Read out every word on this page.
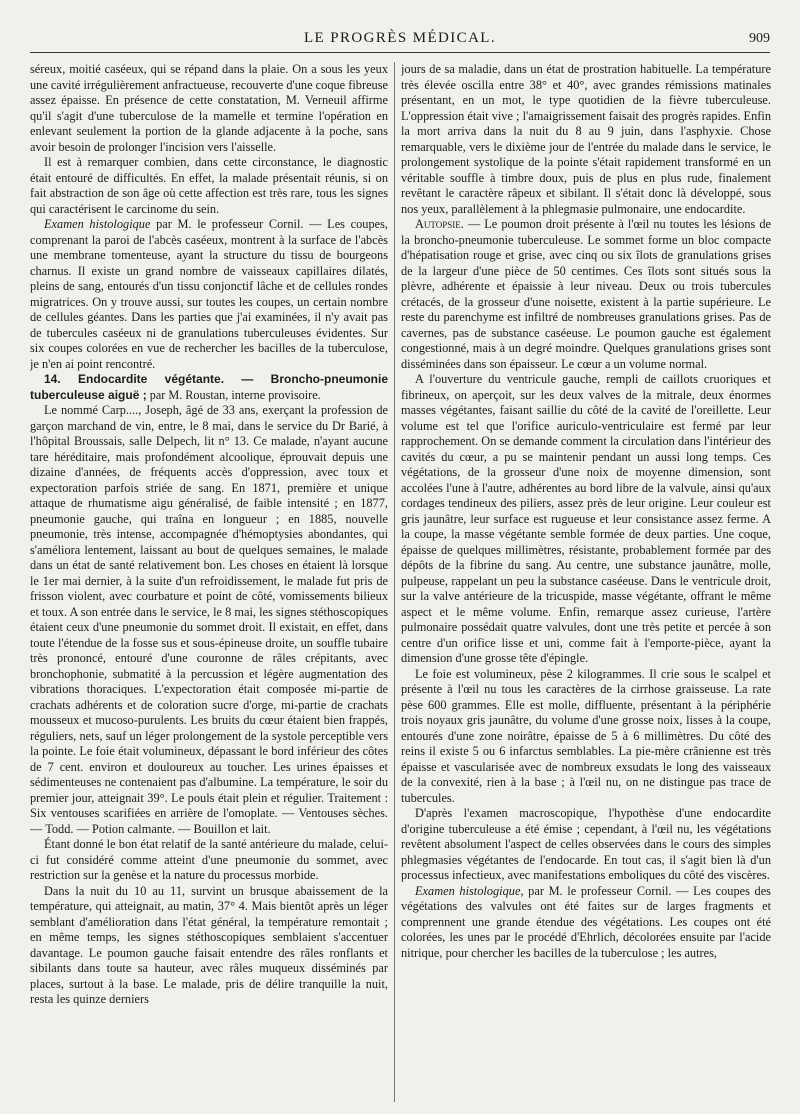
LE PROGRÈS MÉDICAL.	909

séreux, moitié caséeux, qui se répand dans la plaie. On a sous les yeux une cavité irrégulièrement anfractueuse, recouverte d'une coque fibreuse assez épaisse. En présence de cette constatation, M. Verneuil affirme qu'il s'agit d'une tuberculose de la mamelle et termine l'opération en enlevant seulement la portion de la glande adjacente à la poche, sans avoir besoin de prolonger l'incision vers l'aisselle.

Il est à remarquer combien, dans cette circonstance, le diagnostic était entouré de difficultés. En effet, la malade présentait réunis, si on fait abstraction de son âge où cette affection est très rare, tous les signes qui caractérisent le carcinome du sein.

Examen histologique par M. le professeur Cornil. — Les coupes, comprenant la paroi de l'abcès caséeux, montrent à la surface de l'abcès une membrane tomenteuse, ayant la structure du tissu de bourgeons charnus. Il existe un grand nombre de vaisseaux capillaires dilatés, pleins de sang, entourés d'un tissu conjonctif lâche et de cellules rondes migratrices. On y trouve aussi, sur toutes les coupes, un certain nombre de cellules géantes. Dans les parties que j'ai examinées, il n'y avait pas de tubercules caséeux ni de granulations tuberculeuses évidentes. Sur six coupes colorées en vue de rechercher les bacilles de la tuberculose, je n'en ai point rencontré.

14. Endocardite végétante. — Broncho-pneumonie tuberculeuse aiguë ; par M. Roustan, interne provisoire.

Le nommé Carp...., Joseph, âgé de 33 ans, exerçant la profession de garçon marchand de vin, entre, le 8 mai, dans le service du Dr Barié, à l'hôpital Broussais, salle Delpech, lit n° 13. Ce malade, n'ayant aucune tare héréditaire, mais profondément alcoolique, éprouvait depuis une dizaine d'années, de fréquents accès d'oppression, avec toux et expectoration parfois striée de sang. En 1871, première et unique attaque de rhumatisme aigu généralisé, de faible intensité ; en 1877, pneumonie gauche, qui traîna en longueur ; en 1885, nouvelle pneumonie, très intense, accompagnée d'hémoptysies abondantes, qui s'améliora lentement, laissant au bout de quelques semaines, le malade dans un état de santé relativement bon. Les choses en étaient là lorsque le 1er mai dernier, à la suite d'un refroidissement, le malade fut pris de frisson violent, avec courbature et point de côté, vomissements bilieux et toux. A son entrée dans le service, le 8 mai, les signes stéthoscopiques étaient ceux d'une pneumonie du sommet droit. Il existait, en effet, dans toute l'étendue de la fosse sus et sous-épineuse droite, un souffle tubaire très prononcé, entouré d'une couronne de râles crépitants, avec bronchophonie, submatité à la percussion et légère augmentation des vibrations thoraciques. L'expectoration était composée mi-partie de crachats adhérents et de coloration sucre d'orge, mi-partie de crachats mousseux et mucoso-purulents. Les bruits du cœur étaient bien frappés, réguliers, nets, sauf un léger prolongement de la systole perceptible vers la pointe. Le foie était volumineux, dépassant le bord inférieur des côtes de 7 cent. environ et douloureux au toucher. Les urines épaisses et sédimenteuses ne contenaient pas d'albumine. La température, le soir du premier jour, atteignait 39°. Le pouls était plein et régulier. Traitement : Six ventouses scarifiées en arrière de l'omoplate. — Ventouses sèches. — Todd. — Potion calmante. — Bouillon et lait.

Étant donné le bon état relatif de la santé antérieure du malade, celui-ci fut considéré comme atteint d'une pneumonie du sommet, avec restriction sur la genèse et la nature du processus morbide.

Dans la nuit du 10 au 11, survint un brusque abaissement de la température, qui atteignait, au matin, 37° 4. Mais bientôt après un léger semblant d'amélioration dans l'état général, la température remontait ; en même temps, les signes stéthoscopiques semblaient s'accentuer davantage. Le poumon gauche faisait entendre des râles ronflants et sibilants dans toute sa hauteur, avec râles muqueux disséminés par places, surtout à la base. Le malade, pris de délire tranquille la nuit, resta les quinze derniers

jours de sa maladie, dans un état de prostration habituelle. La température très élevée oscilla entre 38° et 40°, avec grandes rémissions matinales présentant, en un mot, le type quotidien de la fièvre tuberculeuse. L'oppression était vive ; l'amaigrissement faisait des progrès rapides. Enfin la mort arriva dans la nuit du 8 au 9 juin, dans l'asphyxie. Chose remarquable, vers le dixième jour de l'entrée du malade dans le service, le prolongement systolique de la pointe s'était rapidement transformé en un véritable souffle à timbre doux, puis de plus en plus rude, finalement revêtant le caractère râpeux et sibilant. Il s'était donc là développé, sous nos yeux, parallèlement à la phlegmasie pulmonaire, une endocardite.

Autopsie. — Le poumon droit présente à l'œil nu toutes les lésions de la broncho-pneumonie tuberculeuse. Le sommet forme un bloc compacte d'hépatisation rouge et grise, avec cinq ou six îlots de granulations grises de la largeur d'une pièce de 50 centimes. Ces îlots sont situés sous la plèvre, adhérente et épaissie à leur niveau. Deux ou trois tubercules crétacés, de la grosseur d'une noisette, existent à la partie supérieure. Le reste du parenchyme est infiltré de nombreuses granulations grises. Pas de cavernes, pas de substance caséeuse. Le poumon gauche est également congestionné, mais à un degré moindre. Quelques granulations grises sont disséminées dans son épaisseur. Le cœur a un volume normal.

A l'ouverture du ventricule gauche, rempli de caillots cruoriques et fibrineux, on aperçoit, sur les deux valves de la mitrale, deux énormes masses végétantes, faisant saillie du côté de la cavité de l'oreillette. Leur volume est tel que l'orifice auriculo-ventriculaire est fermé par leur rapprochement. On se demande comment la circulation dans l'intérieur des cavités du cœur, a pu se maintenir pendant un aussi long temps. Ces végétations, de la grosseur d'une noix de moyenne dimension, sont accolées l'une à l'autre, adhérentes au bord libre de la valvule, ainsi qu'aux cordages tendineux des piliers, assez près de leur origine. Leur couleur est gris jaunâtre, leur surface est rugueuse et leur consistance assez ferme. A la coupe, la masse végétante semble formée de deux parties. Une coque, épaisse de quelques millimètres, résistante, probablement formée par des dépôts de la fibrine du sang. Au centre, une substance jaunâtre, molle, pulpeuse, rappelant un peu la substance caséeuse. Dans le ventricule droit, sur la valve antérieure de la tricuspide, masse végétante, offrant le même aspect et le même volume. Enfin, remarque assez curieuse, l'artère pulmonaire possédait quatre valvules, dont une très petite et percée à son centre d'un orifice lisse et uni, comme fait à l'emporte-pièce, ayant la dimension d'une grosse tête d'épingle.

Le foie est volumineux, pèse 2 kilogrammes. Il crie sous le scalpel et présente à l'œil nu tous les caractères de la cirrhose graisseuse. La rate pèse 600 grammes. Elle est molle, diffluente, présentant à la périphérie trois noyaux gris jaunâtre, du volume d'une grosse noix, lisses à la coupe, entourés d'une zone noirâtre, épaisse de 5 à 6 millimètres. Du côté des reins il existe 5 ou 6 infarctus semblables. La pie-mère crânienne est très épaisse et vascularisée avec de nombreux exsudats le long des vaisseaux de la convexité, rien à la base ; à l'œil nu, on ne distingue pas trace de tubercules.

D'après l'examen macroscopique, l'hypothèse d'une endocardite d'origine tuberculeuse a été émise ; cependant, à l'œil nu, les végétations revêtent absolument l'aspect de celles observées dans le cours des simples phlegmasies végétantes de l'endocarde. En tout cas, il s'agit bien là d'un processus infectieux, avec manifestations emboliques du côté des viscères.

Examen histologique, par M. le professeur Cornil. — Les coupes des végétations des valvules ont été faites sur de larges fragments et comprennent une grande étendue des végétations. Les coupes ont été colorées, les unes par le procédé d'Ehrlich, décolorées ensuite par l'acide nitrique, pour chercher les bacilles de la tuberculose ; les autres,
